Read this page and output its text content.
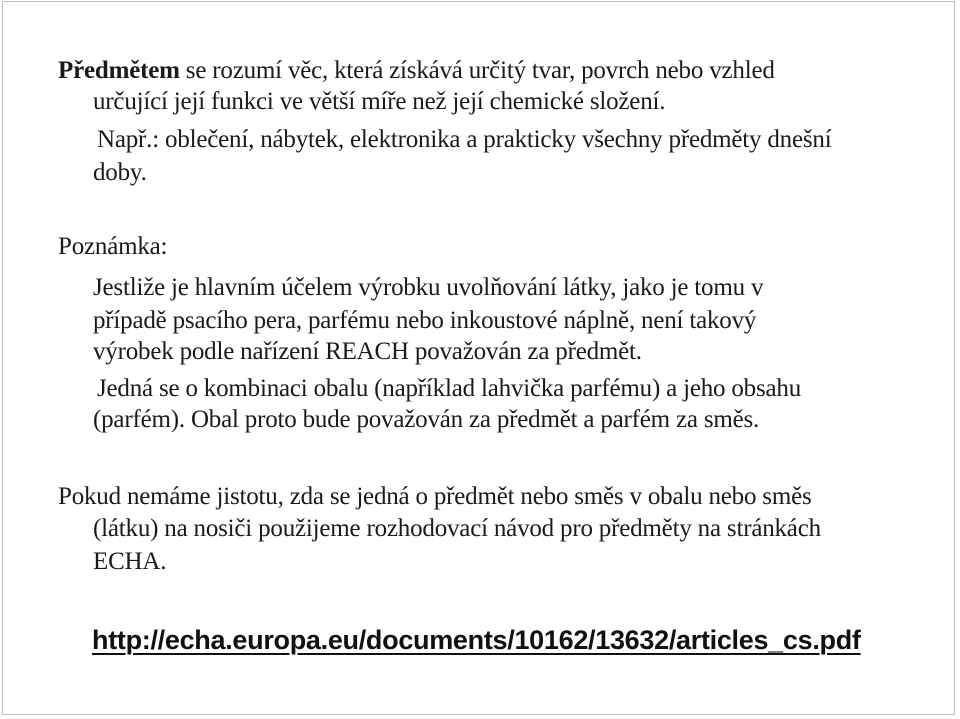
Předmětem se rozumí věc, která získává určitý tvar, povrch nebo vzhled
určující její funkci ve větší míře než její chemické složení.
Např.: oblečení, nábytek, elektronika a prakticky všechny předměty dnešní
doby.
Poznámka:
Jestliže je hlavním účelem výrobku uvolňování látky, jako je tomu v
případě psacího pera, parfému nebo inkoustové náplně, není takový
výrobek podle nařízení REACH považován za předmět.
Jedná se o kombinaci obalu (například lahvička parfému) a jeho obsahu
(parfém). Obal proto bude považován za předmět a parfém za směs.
Pokud nemáme jistotu, zda se jedná o předmět nebo směs v obalu nebo směs
(látku) na nosiči použijeme rozhodovací návod pro předměty na stránkách
ECHA.
http://echa.europa.eu/documents/10162/13632/articles_cs.pdf
